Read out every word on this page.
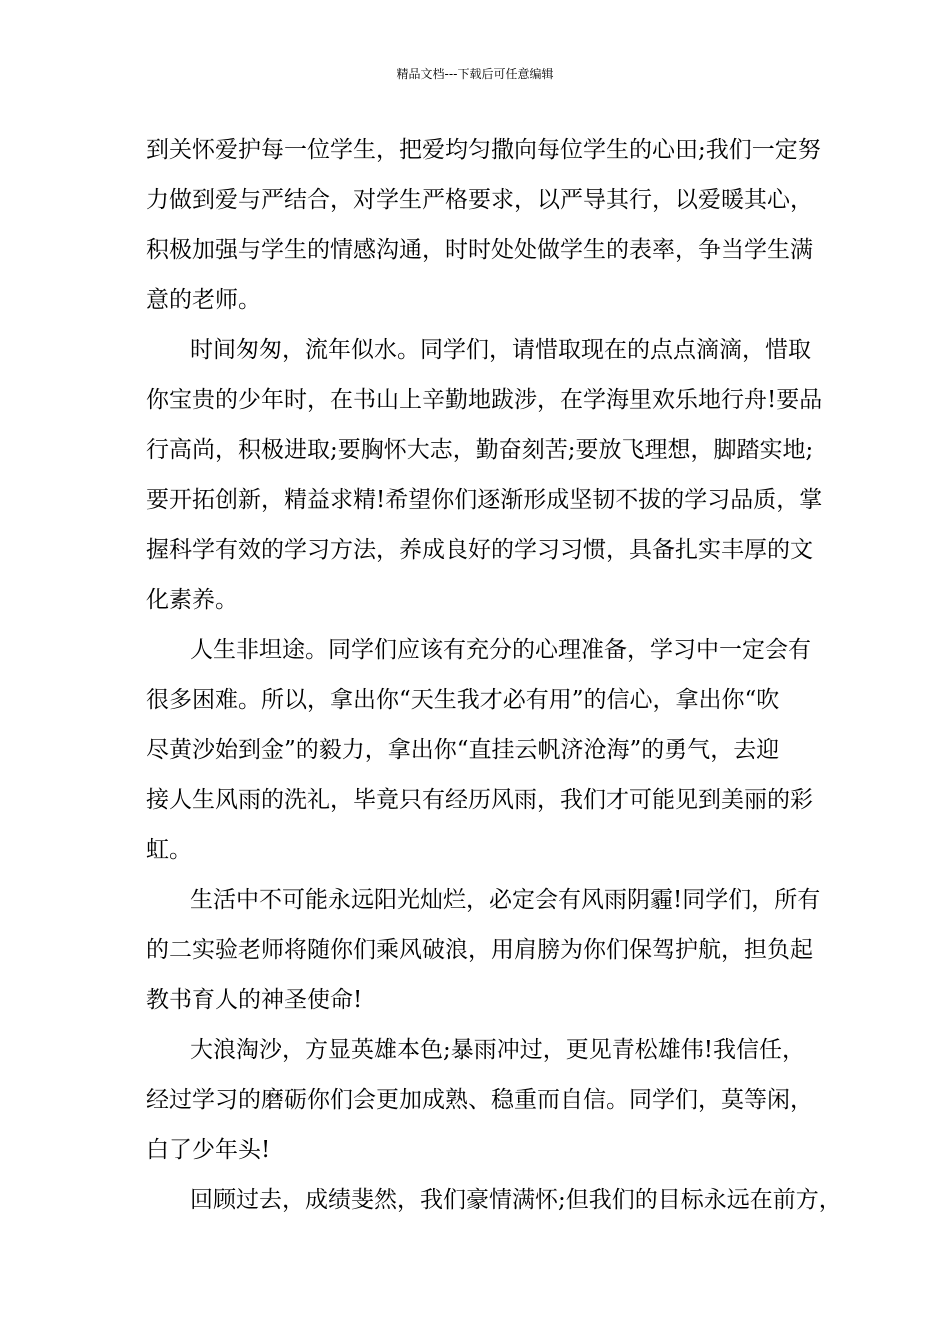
精品文档---下载后可任意编辑
到关怀爱护每一位学生，把爱均匀撒向每位学生的心田;我们一定努
力做到爱与严结合，对学生严格要求，以严导其行，以爱暖其心，
积极加强与学生的情感沟通，时时处处做学生的表率，争当学生满
意的老师。
时间匆匆，流年似水。同学们，请惜取现在的点点滴滴，惜取
你宝贵的少年时，在书山上辛勤地跋涉，在学海里欢乐地行舟!要品
行高尚，积极进取;要胸怀大志，勤奋刻苦;要放飞理想，脚踏实地;
要开拓创新，精益求精!希望你们逐渐形成坚韧不拔的学习品质，掌
握科学有效的学习方法，养成良好的学习习惯，具备扎实丰厚的文
化素养。
人生非坦途。同学们应该有充分的心理准备，学习中一定会有
很多困难。所以，拿出你“天生我才必有用”的信心，拿出你“吹
尽黄沙始到金”的毅力，拿出你“直挂云帆济沧海”的勇气，去迎
接人生风雨的洗礼，毕竟只有经历风雨，我们才可能见到美丽的彩
虹。
生活中不可能永远阳光灿烂，必定会有风雨阴霾!同学们，所有
的二实验老师将随你们乘风破浪，用肩膀为你们保驾护航，担负起
教书育人的神圣使命!
大浪淘沙，方显英雄本色;暴雨冲过，更见青松雄伟!我信任，
经过学习的磨砺你们会更加成熟、稳重而自信。同学们，莫等闲，
白了少年头!
回顾过去，成绩斐然，我们豪情满怀;但我们的目标永远在前方，
